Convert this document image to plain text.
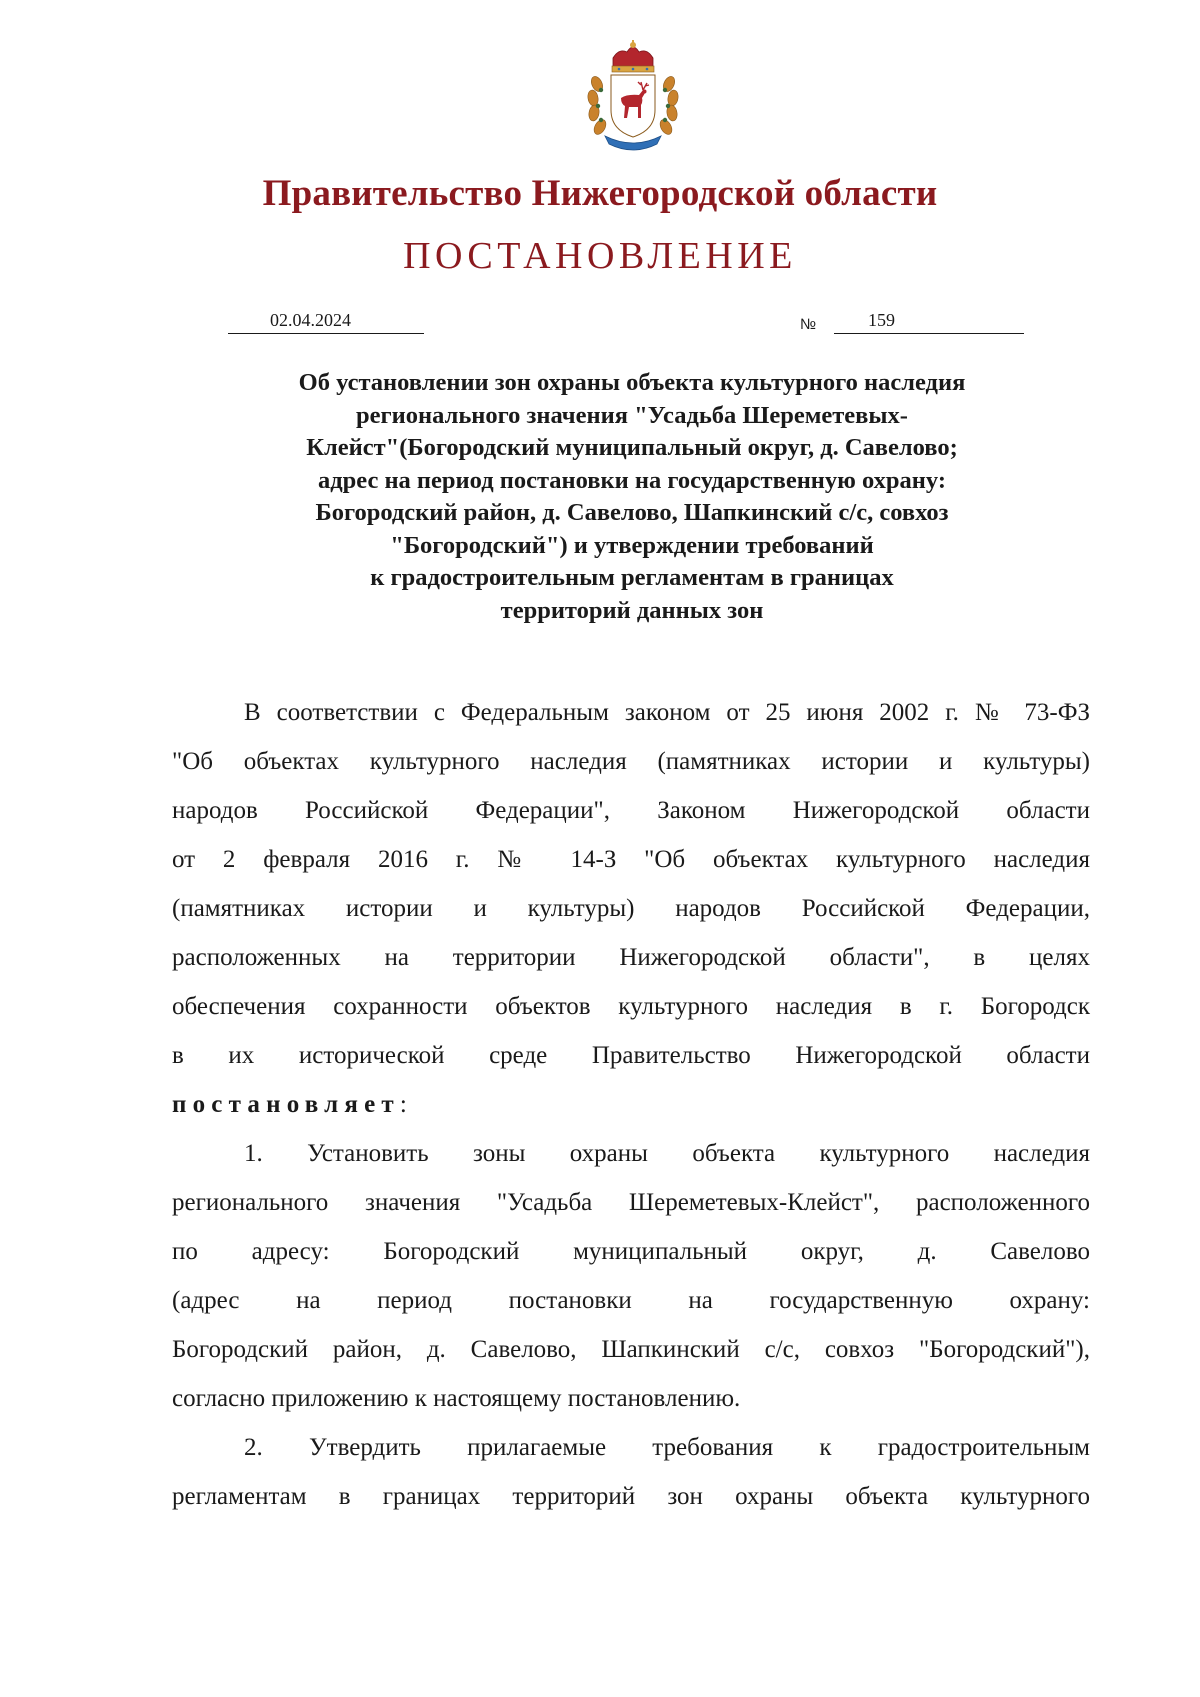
Правительство Нижегородской области
ПОСТАНОВЛЕНИЕ
02.04.2024	№	159
Об установлении зон охраны объекта культурного наследия
регионального значения "Усадьба Шереметевых-
Клейст"(Богородский муниципальный округ, д. Савелово;
адрес на период постановки на государственную охрану:
Богородский район, д. Савелово, Шапкинский с/с, совхоз
"Богородский") и утверждении требований
к градостроительным регламентам в границах
территорий данных зон
В соответствии с Федеральным законом от 25 июня 2002 г. № 73-ФЗ
"Об объектах культурного наследия (памятниках истории и культуры)
народов Российской Федерации", Законом Нижегородской области
от 2 февраля 2016 г. № 14-З "Об объектах культурного наследия
(памятниках истории и культуры) народов Российской Федерации,
расположенных на территории Нижегородской области", в целях
обеспечения сохранности объектов культурного наследия в г. Богородск
в их исторической среде Правительство Нижегородской области
постановляет:
1. Установить зоны охраны объекта культурного наследия
регионального значения "Усадьба Шереметевых-Клейст", расположенного
по адресу: Богородский муниципальный округ, д. Савелово
(адрес на период постановки на государственную охрану:
Богородский район, д. Савелово, Шапкинский с/с, совхоз "Богородский"),
согласно приложению к настоящему постановлению.
2. Утвердить прилагаемые требования к градостроительным
регламентам в границах территорий зон охраны объекта культурного
